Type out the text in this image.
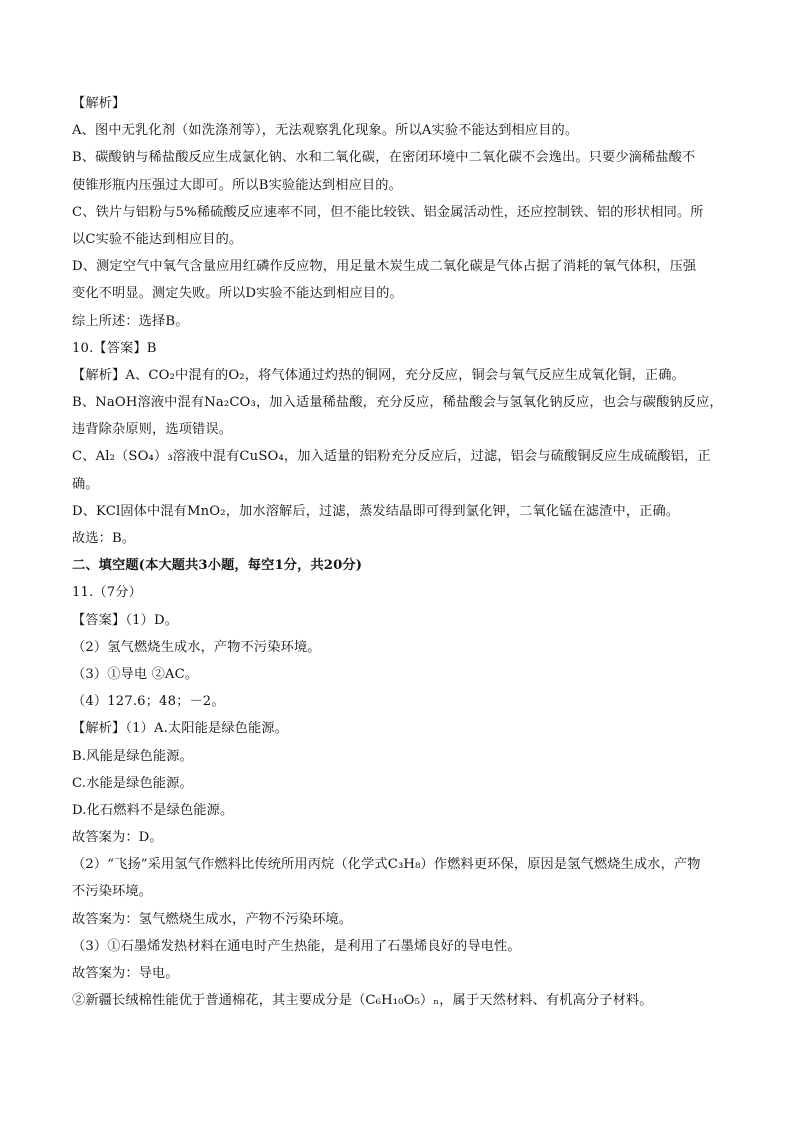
【解析】
A、图中无乳化剂（如洗涤剂等），无法观察乳化现象。所以A实验不能达到相应目的。
B、碳酸钠与稀盐酸反应生成氯化钠、水和二氧化碳，在密闭环境中二氧化碳不会逸出。只要少滴稀盐酸不
使锥形瓶内压强过大即可。所以B实验能达到相应目的。
C、铁片与铝粉与5%稀硫酸反应速率不同，但不能比较铁、铝金属活动性，还应控制铁、铝的形状相同。所
以C实验不能达到相应目的。
D、测定空气中氧气含量应用红磷作反应物，用足量木炭生成二氧化碳是气体占据了消耗的氧气体积，压强
变化不明显。测定失败。所以D实验不能达到相应目的。
综上所述：选择B。
10.【答案】B
【解析】A、CO₂中混有的O₂，将气体通过灼热的铜网，充分反应，铜会与氧气反应生成氧化铜，正确。
B、NaOH溶液中混有Na₂CO₃，加入适量稀盐酸，充分反应，稀盐酸会与氢氧化钠反应，也会与碳酸钠反应，
违背除杂原则，选项错误。
C、Al₂（SO₄）₃溶液中混有CuSO₄，加入适量的铝粉充分反应后，过滤，铝会与硫酸铜反应生成硫酸铝，正
确。
D、KCl固体中混有MnO₂，加水溶解后，过滤，蒸发结晶即可得到氯化钾，二氧化锰在滤渣中，正确。
故选：B。
二、填空题(本大题共3小题，每空1分，共20分)
11.（7分）
【答案】（1）D。
（2）氢气燃烧生成水，产物不污染环境。
（3）①导电 ②AC。
（4）127.6；48；－2。
【解析】（1）A.太阳能是绿色能源。
B.风能是绿色能源。
C.水能是绿色能源。
D.化石燃料不是绿色能源。
故答案为：D。
（2）“飞扬”采用氢气作燃料比传统所用丙烷（化学式C₃H₈）作燃料更环保，原因是氢气燃烧生成水，产物
不污染环境。
故答案为：氢气燃烧生成水，产物不污染环境。
（3）①石墨烯发热材料在通电时产生热能，是利用了石墨烯良好的导电性。
故答案为：导电。
②新疆长绒棉性能优于普通棉花，其主要成分是（C₆H₁₀O₅）ₙ，属于天然材料、有机高分子材料。
